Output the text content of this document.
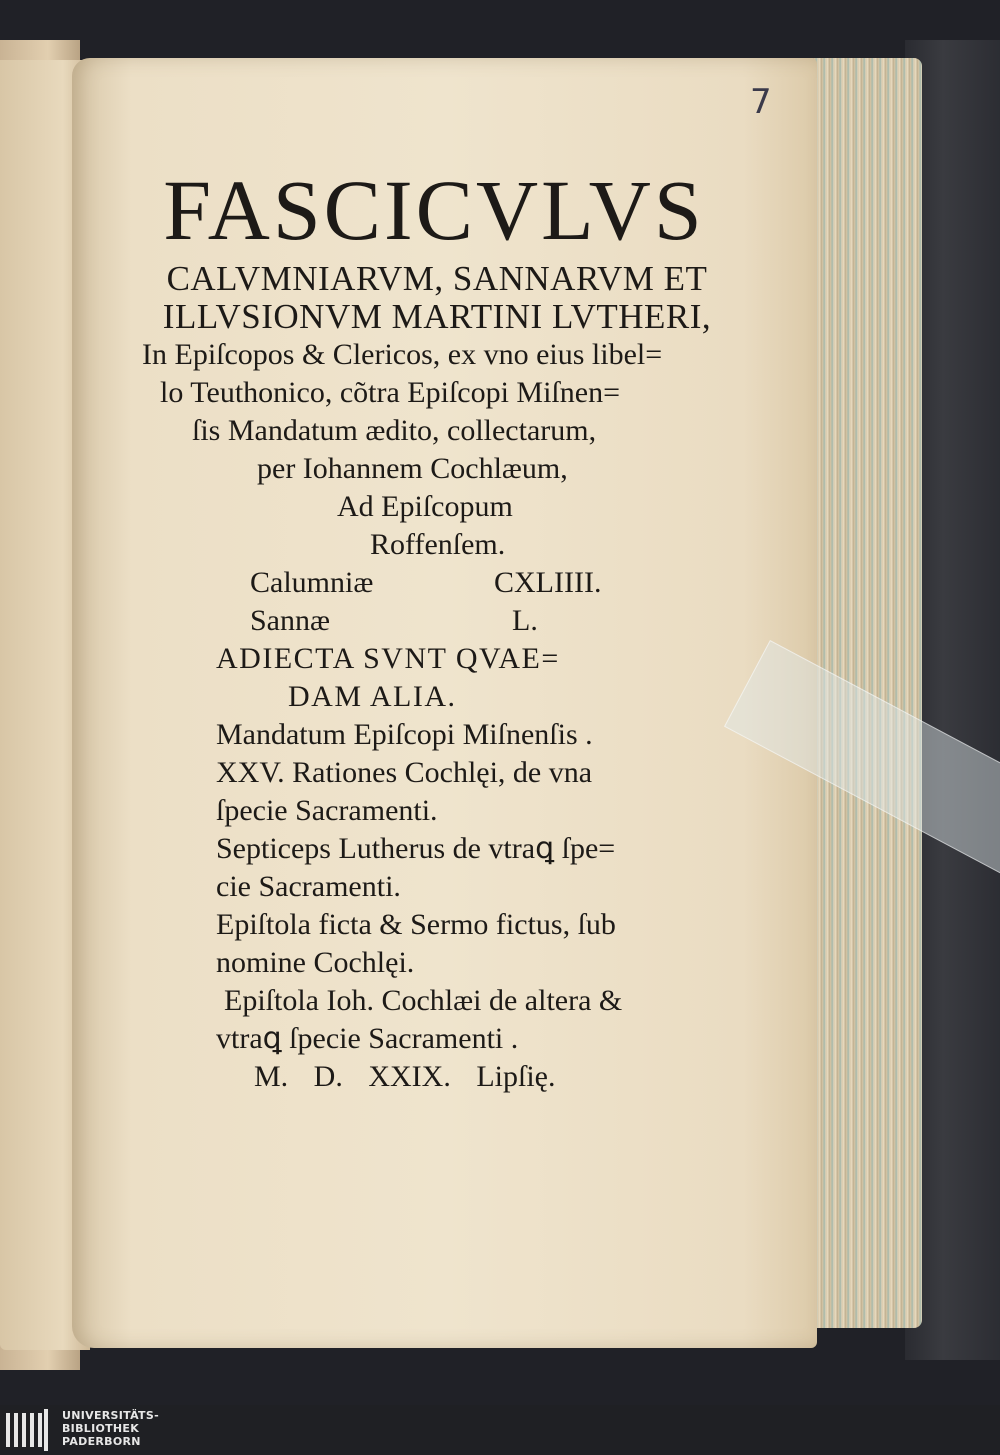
7
FASCICVLVS
CALVMNIARVM, SANNARVM ET
ILLVSIONVM MARTINI LVTHERI,
In Epiſcopos & Clericos, ex vno eius libel=
lo Teuthonico, cõtra Epiſcopi Miſnen=
ſis Mandatum ædito, collectarum,
per Iohannem Cochlæum,
Ad Epiſcopum
Roffenſem.
Calumniæ	CXLIIII.
Sannæ	L.
ADIECTA SVNT QVAE=
DAM ALIA.
Mandatum Epiſcopi Miſnenſis .
XXV. Rationes Cochlęi, de vna
ſpecie Sacramenti.
Septiceps Lutherus de vtraꝗ ſpe=
cie Sacramenti.
Epiſtola ficta & Sermo fictus, ſub
nomine Cochlęi.
Epiſtola Ioh. Cochlæi de altera &
vtraꝗ ſpecie Sacramenti .
M. D. XXIX. Lipſię.
UNIVERSITÄTS-
BIBLIOTHEK
PADERBORN
